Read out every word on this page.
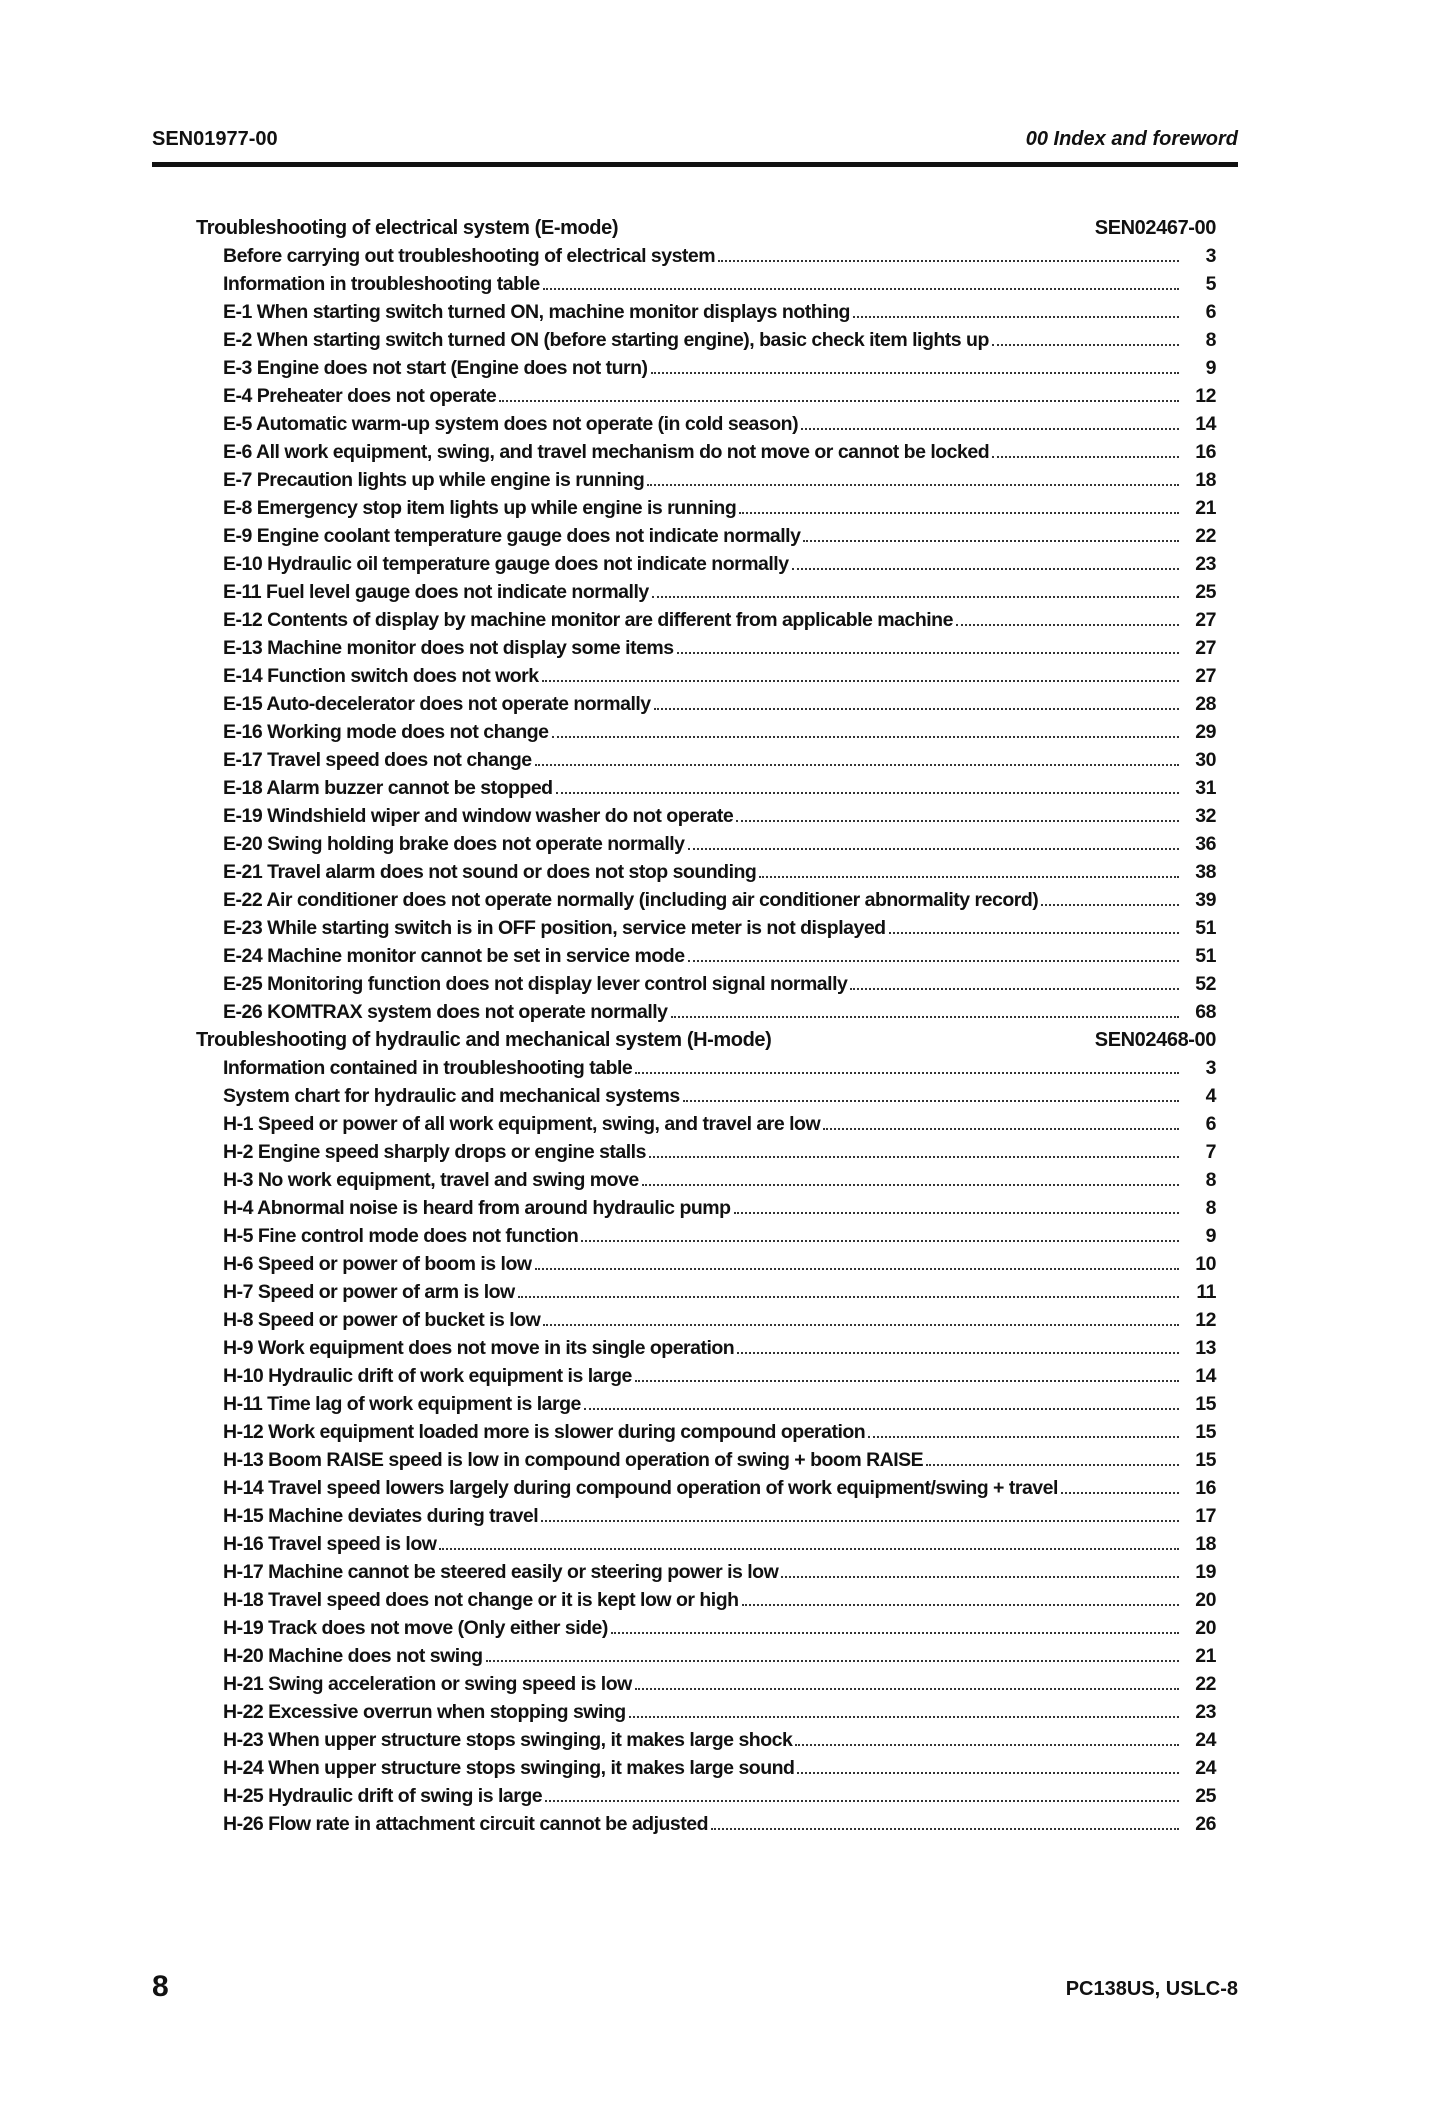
SEN01977-00	00 Index and foreword
Troubleshooting of electrical system (E-mode)	SEN02467-00
Before carrying out troubleshooting of electrical system	3
Information in troubleshooting table	5
E-1 When starting switch turned ON, machine monitor displays nothing	6
E-2 When starting switch turned ON (before starting engine), basic check item lights up	8
E-3 Engine does not start (Engine does not turn)	9
E-4 Preheater does not operate	12
E-5 Automatic warm-up system does not operate (in cold season)	14
E-6 All work equipment, swing, and travel mechanism do not move or cannot be locked	16
E-7 Precaution lights up while engine is running	18
E-8 Emergency stop item lights up while engine is running	21
E-9 Engine coolant temperature gauge does not indicate normally	22
E-10 Hydraulic oil temperature gauge does not indicate normally	23
E-11 Fuel level gauge does not indicate normally	25
E-12 Contents of display by machine monitor are different from applicable machine	27
E-13 Machine monitor does not display some items	27
E-14 Function switch does not work	27
E-15 Auto-decelerator does not operate normally	28
E-16 Working mode does not change	29
E-17 Travel speed does not change	30
E-18 Alarm buzzer cannot be stopped	31
E-19 Windshield wiper and window washer do not operate	32
E-20 Swing holding brake does not operate normally	36
E-21 Travel alarm does not sound or does not stop sounding	38
E-22 Air conditioner does not operate normally (including air conditioner abnormality record)	39
E-23 While starting switch is in OFF position, service meter is not displayed	51
E-24 Machine monitor cannot be set in service mode	51
E-25 Monitoring function does not display lever control signal normally	52
E-26 KOMTRAX system does not operate normally	68
Troubleshooting of hydraulic and mechanical system (H-mode)	SEN02468-00
Information contained in troubleshooting table	3
System chart for hydraulic and mechanical systems	4
H-1 Speed or power of all work equipment, swing, and travel are low	6
H-2 Engine speed sharply drops or engine stalls	7
H-3 No work equipment, travel and swing move	8
H-4 Abnormal noise is heard from around hydraulic pump	8
H-5 Fine control mode does not function	9
H-6 Speed or power of boom is low	10
H-7 Speed or power of arm is low	11
H-8 Speed or power of bucket is low	12
H-9 Work equipment does not move in its single operation	13
H-10 Hydraulic drift of work equipment is large	14
H-11 Time lag of work equipment is large	15
H-12 Work equipment loaded more is slower during compound operation	15
H-13 Boom RAISE speed is low in compound operation of swing + boom RAISE	15
H-14 Travel speed lowers largely during compound operation of work equipment/swing + travel	16
H-15 Machine deviates during travel	17
H-16 Travel speed is low	18
H-17 Machine cannot be steered easily or steering power is low	19
H-18 Travel speed does not change or it is kept low or high	20
H-19 Track does not move (Only either side)	20
H-20 Machine does not swing	21
H-21 Swing acceleration or swing speed is low	22
H-22 Excessive overrun when stopping swing	23
H-23 When upper structure stops swinging, it makes large shock	24
H-24 When upper structure stops swinging, it makes large sound	24
H-25 Hydraulic drift of swing is large	25
H-26 Flow rate in attachment circuit cannot be adjusted	26
8	PC138US, USLC-8
